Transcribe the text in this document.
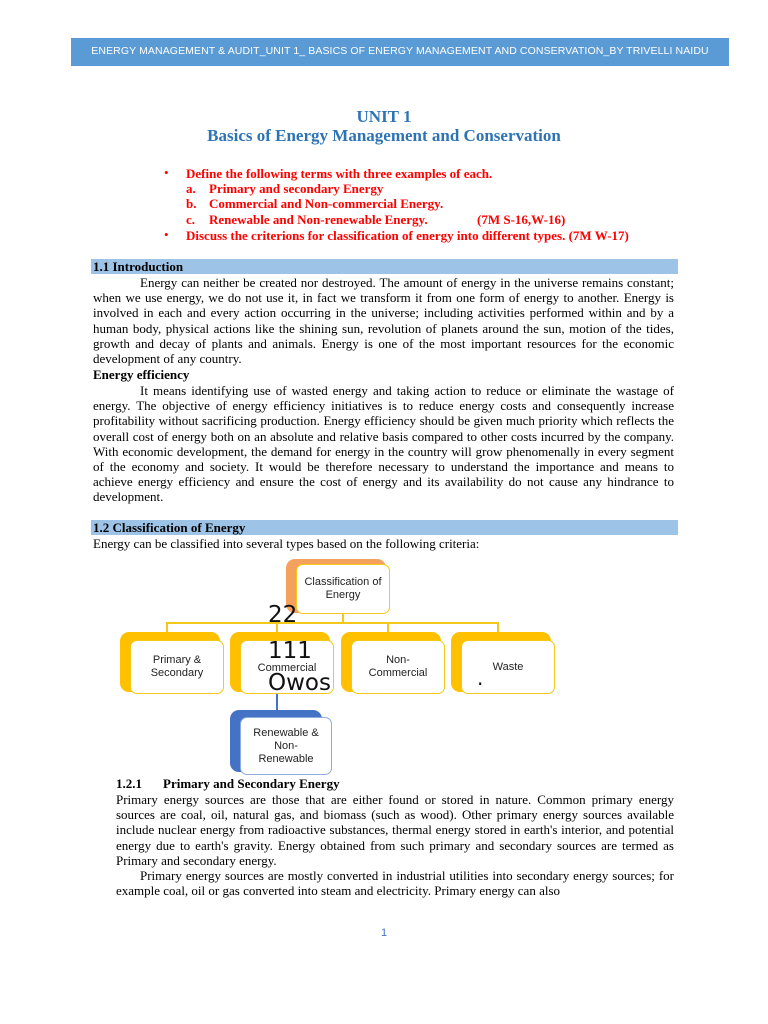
ENERGY MANAGEMENT & AUDIT_UNIT 1_ BASICS OF ENERGY MANAGEMENT AND CONSERVATION_BY TRIVELLI NAIDU
UNIT 1
Basics of Energy Management and Conservation
• Define the following terms with three examples of each.
a. Primary and secondary Energy
b. Commercial and Non-commercial Energy.
c. Renewable and Non-renewable Energy.	(7M S-16,W-16)
• Discuss the criterions for classification of energy into different types. (7M W-17)
1.1 Introduction

Energy can neither be created nor destroyed. The amount of energy in the universe remains constant; when we use energy, we do not use it, in fact we transform it from one form of energy to another. Energy is involved in each and every action occurring in the universe; including activities performed within and by a human body, physical actions like the shining sun, revolution of planets around the sun, motion of the tides, growth and decay of plants and animals. Energy is one of the most important resources for the economic development of any country.

Energy efficiency

It means identifying use of wasted energy and taking action to reduce or eliminate the wastage of energy. The objective of energy efficiency initiatives is to reduce energy costs and consequently increase profitability without sacrificing production. Energy efficiency should be given much priority which reflects the overall cost of energy both on an absolute and relative basis compared to other costs incurred by the company. With economic development, the demand for energy in the country will grow phenomenally in every segment of the economy and society. It would be therefore necessary to understand the importance and means to achieve energy efficiency and ensure the cost of energy and its availability do not cause any hindrance to development.

1.2 Classification of Energy

Energy can be classified into several types based on the following criteria:

Classification of Energy
Primary & Secondary	Commercial
Non-Commercial
Waste
Renewable & Non-Renewable
22
111
Owos	.
1.2.1 Primary and Secondary Energy

Primary energy sources are those that are either found or stored in nature. Common primary energy sources are coal, oil, natural gas, and biomass (such as wood). Other primary energy sources available include nuclear energy from radioactive substances, thermal energy stored in earth's interior, and potential energy due to earth's gravity. Energy obtained from such primary and secondary sources are termed as Primary and secondary energy.

Primary energy sources are mostly converted in industrial utilities into secondary energy sources; for example coal, oil or gas converted into steam and electricity. Primary energy can also

1
